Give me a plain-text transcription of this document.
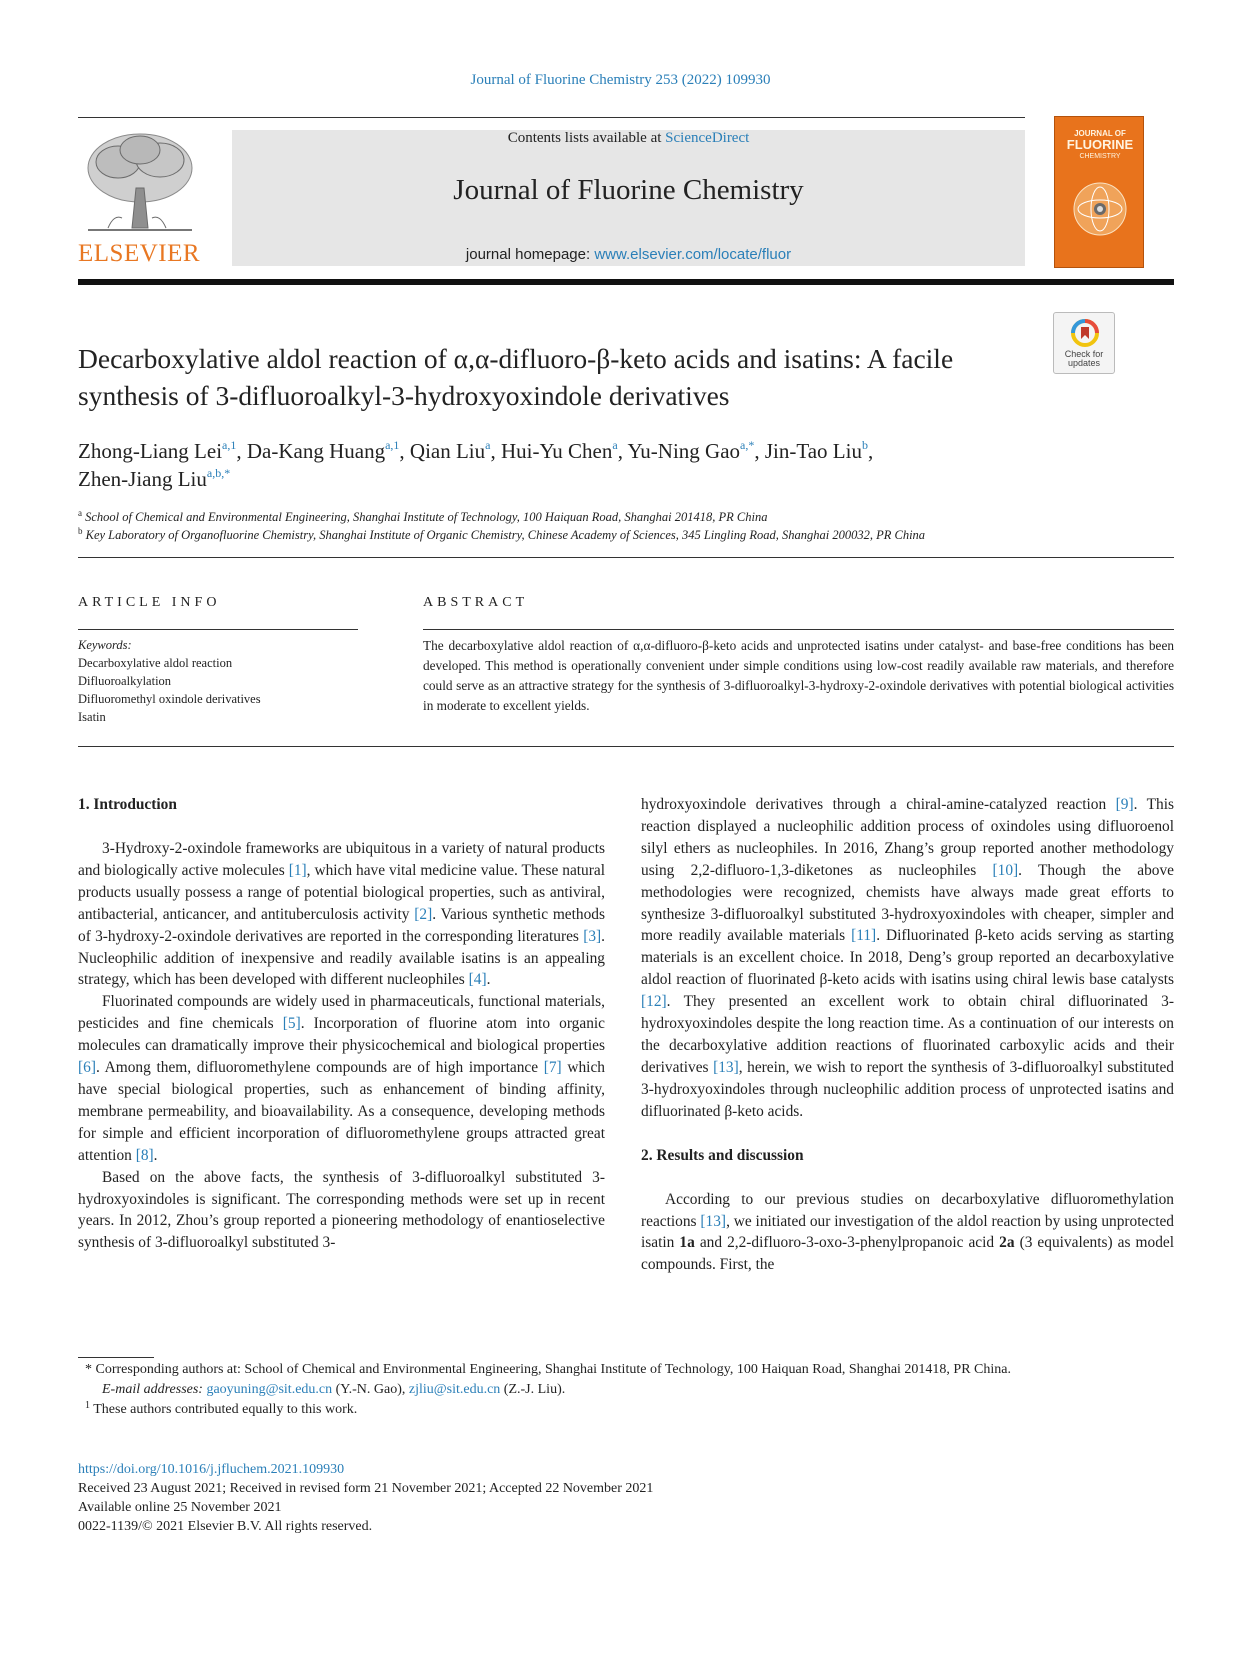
Journal of Fluorine Chemistry 253 (2022) 109930
ELSEVIER
Contents lists available at ScienceDirect
Journal of Fluorine Chemistry
journal homepage: www.elsevier.com/locate/fluor
JOURNAL OF
FLUORINE
CHEMISTRY
Decarboxylative aldol reaction of α,α-difluoro-β-keto acids and isatins: A facile synthesis of 3-difluoroalkyl-3-hydroxyoxindole derivatives
Check for updates
Zhong-Liang Lei$^{a,1}$, Da-Kang Huang$^{a,1}$, Qian Liu$^a$, Hui-Yu Chen$^a$, Yu-Ning Gao$^{a,*}$, Jin-Tao Liu$^b$,
Zhen-Jiang Liu$^{a,b,*}$
$^a$ School of Chemical and Environmental Engineering, Shanghai Institute of Technology, 100 Haiquan Road, Shanghai 201418, PR China
$^b$ Key Laboratory of Organofluorine Chemistry, Shanghai Institute of Organic Chemistry, Chinese Academy of Sciences, 345 Lingling Road, Shanghai 200032, PR China
ARTICLE INFO	ABSTRACT
Keywords:
Decarboxylative aldol reaction
Difluoroalkylation
Difluoromethyl oxindole derivatives
Isatin

The decarboxylative aldol reaction of α,α-difluoro-β-keto acids and unprotected isatins under catalyst- and base-free conditions has been developed. This method is operationally convenient under simple conditions using low-cost readily available raw materials, and therefore could serve as an attractive strategy for the synthesis of 3-difluoroalkyl-3-hydroxy-2-oxindole derivatives with potential biological activities in moderate to excellent yields.

1. Introduction

3-Hydroxy-2-oxindole frameworks are ubiquitous in a variety of natural products and biologically active molecules [1], which have vital medicine value. These natural products usually possess a range of potential biological properties, such as antiviral, antibacterial, anticancer, and antituberculosis activity [2]. Various synthetic methods of 3-hydroxy-2-oxindole derivatives are reported in the corresponding literatures [3]. Nucleophilic addition of inexpensive and readily available isatins is an appealing strategy, which has been developed with different nucleophiles [4].

Fluorinated compounds are widely used in pharmaceuticals, functional materials, pesticides and fine chemicals [5]. Incorporation of fluorine atom into organic molecules can dramatically improve their physicochemical and biological properties [6]. Among them, difluoromethylene compounds are of high importance [7] which have special biological properties, such as enhancement of binding affinity, membrane permeability, and bioavailability. As a consequence, developing methods for simple and efficient incorporation of difluoromethylene groups attracted great attention [8].

Based on the above facts, the synthesis of 3-difluoroalkyl substituted 3-hydroxyoxindoles is significant. The corresponding methods were set up in recent years. In 2012, Zhou’s group reported a pioneering methodology of enantioselective synthesis of 3-difluoroalkyl substituted 3-

hydroxyoxindole derivatives through a chiral-amine-catalyzed reaction [9]. This reaction displayed a nucleophilic addition process of oxindoles using difluoroenol silyl ethers as nucleophiles. In 2016, Zhang’s group reported another methodology using 2,2-difluoro-1,3-diketones as nucleophiles [10]. Though the above methodologies were recognized, chemists have always made great efforts to synthesize 3-difluoroalkyl substituted 3-hydroxyoxindoles with cheaper, simpler and more readily available materials [11]. Difluorinated β-keto acids serving as starting materials is an excellent choice. In 2018, Deng’s group reported an decarboxylative aldol reaction of fluorinated β-keto acids with isatins using chiral lewis base catalysts [12]. They presented an excellent work to obtain chiral difluorinated 3-hydroxyoxindoles despite the long reaction time. As a continuation of our interests on the decarboxylative addition reactions of fluorinated carboxylic acids and their derivatives [13], herein, we wish to report the synthesis of 3-difluoroalkyl substituted 3-hydroxyoxindoles through nucleophilic addition process of unprotected isatins and difluorinated β-keto acids.

2. Results and discussion

According to our previous studies on decarboxylative difluoromethylation reactions [13], we initiated our investigation of the aldol reaction by using unprotected isatin 1a and 2,2-difluoro-3-oxo-3-phenylpropanoic acid 2a (3 equivalents) as model compounds. First, the

* Corresponding authors at: School of Chemical and Environmental Engineering, Shanghai Institute of Technology, 100 Haiquan Road, Shanghai 201418, PR China.

E-mail addresses: gaoyuning@sit.edu.cn (Y.-N. Gao), zjliu@sit.edu.cn (Z.-J. Liu).

$^1$ These authors contributed equally to this work.

https://doi.org/10.1016/j.jfluchem.2021.109930

Received 23 August 2021; Received in revised form 21 November 2021; Accepted 22 November 2021

Available online 25 November 2021

0022-1139/© 2021 Elsevier B.V. All rights reserved.
